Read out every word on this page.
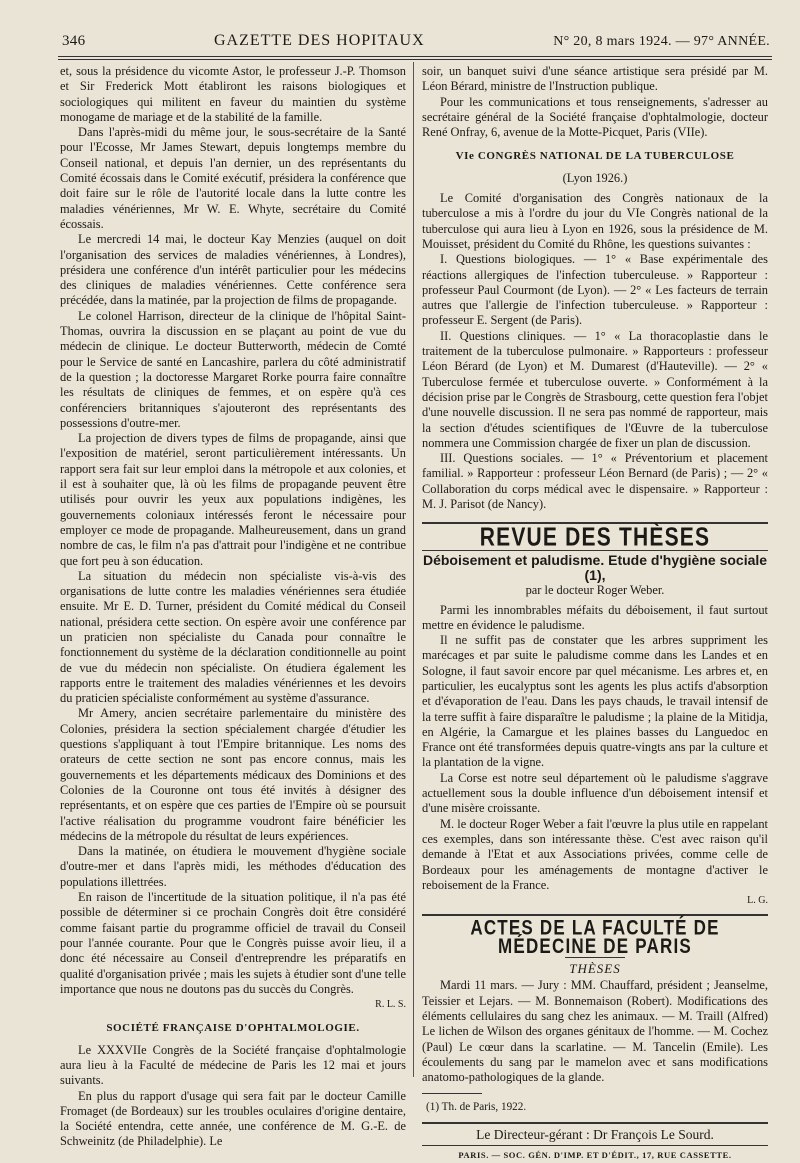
346	GAZETTE DES HOPITAUX	N° 20, 8 mars 1924. — 97° ANNÉE.

et, sous la présidence du vicomte Astor, le professeur J.-P. Thomson et Sir Frederick Mott établiront les raisons biologiques et sociologiques qui militent en faveur du maintien du système monogame de mariage et de la stabilité de la famille.

Dans l'après-midi du même jour, le sous-secrétaire de la Santé pour l'Ecosse, Mr James Stewart, depuis longtemps membre du Conseil national, et depuis l'an dernier, un des représentants du Comité écossais dans le Comité exécutif, présidera la conférence que doit faire sur le rôle de l'autorité locale dans la lutte contre les maladies vénériennes, Mr W. E. Whyte, secrétaire du Comité écossais.

Le mercredi 14 mai, le docteur Kay Menzies (auquel on doit l'organisation des services de maladies vénériennes, à Londres), présidera une conférence d'un intérêt particulier pour les médecins des cliniques de maladies vénériennes. Cette conférence sera précédée, dans la matinée, par la projection de films de propagande.

Le colonel Harrison, directeur de la clinique de l'hôpital Saint-Thomas, ouvrira la discussion en se plaçant au point de vue du médecin de clinique. Le docteur Butterworth, médecin de Comté pour le Service de santé en Lancashire, parlera du côté administratif de la question ; la doctoresse Margaret Rorke pourra faire connaître les résultats de cliniques de femmes, et on espère qu'à ces conférenciers britanniques s'ajouteront des représentants des possessions d'outre-mer.

La projection de divers types de films de propagande, ainsi que l'exposition de matériel, seront particulièrement intéressants. Un rapport sera fait sur leur emploi dans la métropole et aux colonies, et il est à souhaiter que, là où les films de propagande peuvent être utilisés pour ouvrir les yeux aux populations indigènes, les gouvernements coloniaux intéressés feront le nécessaire pour employer ce mode de propagande. Malheureusement, dans un grand nombre de cas, le film n'a pas d'attrait pour l'indigène et ne contribue que fort peu à son éducation.

La situation du médecin non spécialiste vis-à-vis des organisations de lutte contre les maladies vénériennes sera étudiée ensuite. Mr E. D. Turner, président du Comité médical du Conseil national, présidera cette section. On espère avoir une conférence par un praticien non spécialiste du Canada pour connaître le fonctionnement du système de la déclaration conditionnelle au point de vue du médecin non spécialiste. On étudiera également les rapports entre le traitement des maladies vénériennes et les devoirs du praticien spécialiste conformément au système d'assurance.

Mr Amery, ancien secrétaire parlementaire du ministère des Colonies, présidera la section spécialement chargée d'étudier les questions s'appliquant à tout l'Empire britannique. Les noms des orateurs de cette section ne sont pas encore connus, mais les gouvernements et les départements médicaux des Dominions et des Colonies de la Couronne ont tous été invités à désigner des représentants, et on espère que ces parties de l'Empire où se poursuit l'active réalisation du programme voudront faire bénéficier les médecins de la métropole du résultat de leurs expériences.

Dans la matinée, on étudiera le mouvement d'hygiène sociale d'outre-mer et dans l'après midi, les méthodes d'éducation des populations illettrées.

En raison de l'incertitude de la situation politique, il n'a pas été possible de déterminer si ce prochain Congrès doit être considéré comme faisant partie du programme officiel de travail du Conseil pour l'année courante. Pour que le Congrès puisse avoir lieu, il a donc été nécessaire au Conseil d'entreprendre les préparatifs en qualité d'organisation privée ; mais les sujets à étudier sont d'une telle importance que nous ne doutons pas du succès du Congrès.

R. L. S.
SOCIÉTÉ FRANÇAISE D'OPHTALMOLOGIE.

Le XXXVIIe Congrès de la Société française d'ophtalmologie aura lieu à la Faculté de médecine de Paris les 12 mai et jours suivants.

En plus du rapport d'usage qui sera fait par le docteur Camille Fromaget (de Bordeaux) sur les troubles oculaires d'origine dentaire, la Société entendra, cette année, une conférence de M. G.-E. de Schweinitz (de Philadelphie). Le

soir, un banquet suivi d'une séance artistique sera présidé par M. Léon Bérard, ministre de l'Instruction publique.

Pour les communications et tous renseignements, s'adresser au secrétaire général de la Société française d'ophtalmologie, docteur René Onfray, 6, avenue de la Motte-Picquet, Paris (VIIe).

VIe CONGRÈS NATIONAL DE LA TUBERCULOSE
(Lyon 1926.)

Le Comité d'organisation des Congrès nationaux de la tuberculose a mis à l'ordre du jour du VIe Congrès national de la tuberculose qui aura lieu à Lyon en 1926, sous la présidence de M. Mouisset, président du Comité du Rhône, les questions suivantes :

I. Questions biologiques. — 1° « Base expérimentale des réactions allergiques de l'infection tuberculeuse. » Rapporteur : professeur Paul Courmont (de Lyon). — 2° « Les facteurs de terrain autres que l'allergie de l'infection tuberculeuse. » Rapporteur : professeur E. Sergent (de Paris).

II. Questions cliniques. — 1° « La thoracoplastie dans le traitement de la tuberculose pulmonaire. » Rapporteurs : professeur Léon Bérard (de Lyon) et M. Dumarest (d'Hauteville). — 2° « Tuberculose fermée et tuberculose ouverte. » Conformément à la décision prise par le Congrès de Strasbourg, cette question fera l'objet d'une nouvelle discussion. Il ne sera pas nommé de rapporteur, mais la section d'études scientifiques de l'Œuvre de la tuberculose nommera une Commission chargée de fixer un plan de discussion.

III. Questions sociales. — 1° « Préventorium et placement familial. » Rapporteur : professeur Léon Bernard (de Paris) ; — 2° « Collaboration du corps médical avec le dispensaire. » Rapporteur : M. J. Parisot (de Nancy).

REVUE DES THÈSES
Déboisement et paludisme. Etude d'hygiène sociale (1),
par le docteur Roger Weber.

Parmi les innombrables méfaits du déboisement, il faut surtout mettre en évidence le paludisme.

Il ne suffit pas de constater que les arbres suppriment les marécages et par suite le paludisme comme dans les Landes et en Sologne, il faut savoir encore par quel mécanisme. Les arbres et, en particulier, les eucalyptus sont les agents les plus actifs d'absorption et d'évaporation de l'eau. Dans les pays chauds, le travail intensif de la terre suffit à faire disparaître le paludisme ; la plaine de la Mitidja, en Algérie, la Camargue et les plaines basses du Languedoc en France ont été transformées depuis quatre-vingts ans par la culture et la plantation de la vigne.

La Corse est notre seul département où le paludisme s'aggrave actuellement sous la double influence d'un déboisement intensif et d'une misère croissante.

M. le docteur Roger Weber a fait l'œuvre la plus utile en rappelant ces exemples, dans son intéressante thèse. C'est avec raison qu'il demande à l'Etat et aux Associations privées, comme celle de Bordeaux pour les aménagements de montagne d'activer le reboisement de la France.

L. G.
ACTES DE LA FACULTÉ DE MÉDECINE DE PARIS
THÈSES

Mardi 11 mars. — Jury : MM. Chauffard, président ; Jeanselme, Teissier et Lejars. — M. Bonnemaison (Robert). Modifications des éléments cellulaires du sang chez les animaux. — M. Traill (Alfred) Le lichen de Wilson des organes génitaux de l'homme. — M. Cochez (Paul) Le cœur dans la scarlatine. — M. Tancelin (Emile). Les écoulements du sang par le mamelon avec et sans modifications anatomo-pathologiques de la glande.

(1) Th. de Paris, 1922.
Le Directeur-gérant : Dr François Le Sourd.
PARIS. — SOC. GÉN. D'IMP. ET D'ÉDIT., 17, RUE CASSETTE.
